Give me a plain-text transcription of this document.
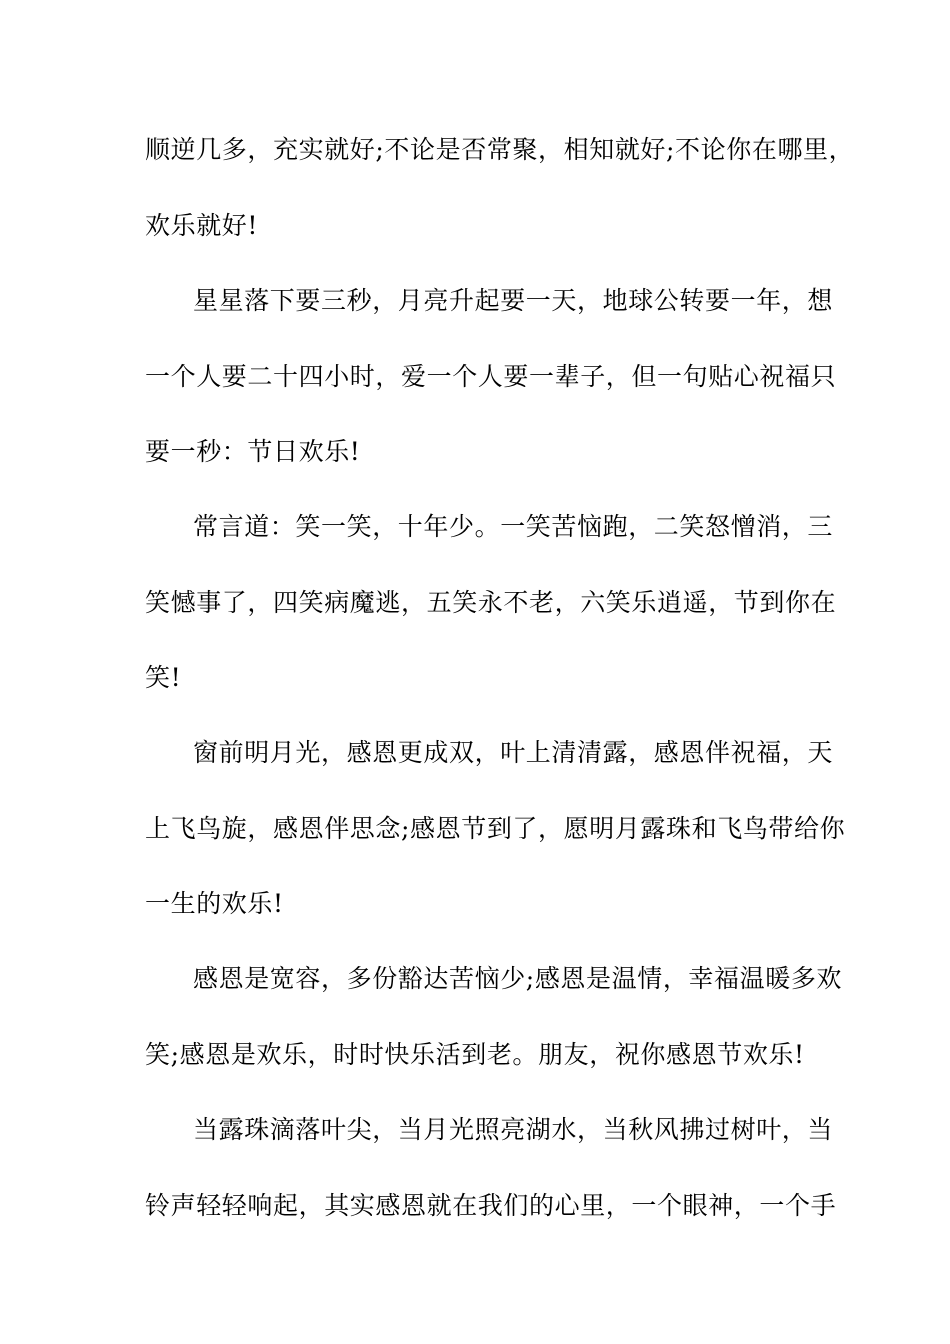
顺逆几多，充实就好;不论是否常聚，相知就好;不论你在哪里，
欢乐就好!
星星落下要三秒，月亮升起要一天，地球公转要一年，想
一个人要二十四小时，爱一个人要一辈子，但一句贴心祝福只
要一秒：节日欢乐!
常言道：笑一笑，十年少。一笑苦恼跑，二笑怒憎消，三
笑憾事了，四笑病魔逃，五笑永不老，六笑乐逍遥，节到你在
笑!
窗前明月光，感恩更成双，叶上清清露，感恩伴祝福，天
上飞鸟旋，感恩伴思念;感恩节到了，愿明月露珠和飞鸟带给你
一生的欢乐!
感恩是宽容，多份豁达苦恼少;感恩是温情，幸福温暖多欢
笑;感恩是欢乐，时时快乐活到老。朋友，祝你感恩节欢乐!
当露珠滴落叶尖，当月光照亮湖水，当秋风拂过树叶，当
铃声轻轻响起，其实感恩就在我们的心里，一个眼神，一个手
